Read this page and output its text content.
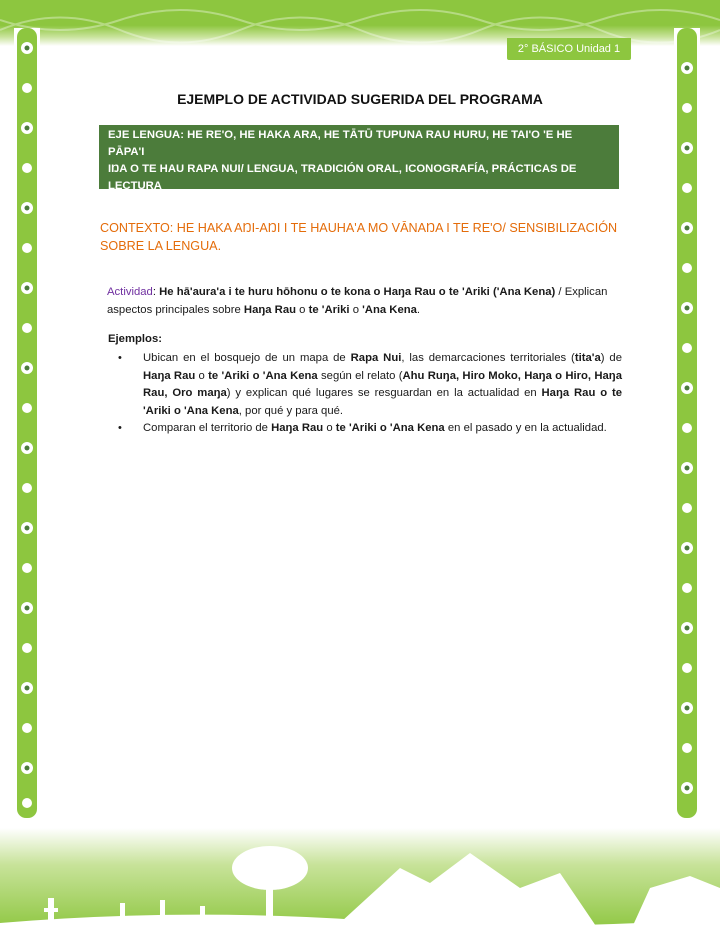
2° BÁSICO Unidad 1
EJEMPLO DE ACTIVIDAD SUGERIDA DEL PROGRAMA
EJE LENGUA: HE RE'O, HE HAKA ARA, HE TĀTŪ TUPUNA RAU HURU, HE TAI'O 'E HE PĀPA'I
IŊA O TE HAU RAPA NUI/ LENGUA, TRADICIÓN ORAL, ICONOGRAFÍA, PRÁCTICAS DE LECTURA
Y ESCRITURA DE LOS PUEBLOS ORIGINARIOS.
CONTEXTO: HE HAKA AŊI-AŊI I TE HAUHA'A MO VĀNAŊA I TE RE'O/ SENSIBILIZACIÓN
SOBRE LA LENGUA.
Actividad: He hā'aura'a i te huru hōhonu o te kona o Haŋa Rau o te 'Ariki ('Ana Kena) / Explican aspectos principales sobre Haŋa Rau o te 'Ariki o 'Ana Kena.
Ejemplos:
• Ubican en el bosquejo de un mapa de Rapa Nui, las demarcaciones territoriales (tita'a) de Haŋa Rau o te 'Ariki o 'Ana Kena según el relato (Ahu Ruŋa, Hiro Moko, Haŋa o Hiro, Haŋa Rau, Oro maŋa) y explican qué lugares se resguardan en la actualidad en Haŋa Rau o te 'Ariki o 'Ana Kena, por qué y para qué.
• Comparan el territorio de Haŋa Rau o te 'Ariki o 'Ana Kena en el pasado y en la actualidad.
